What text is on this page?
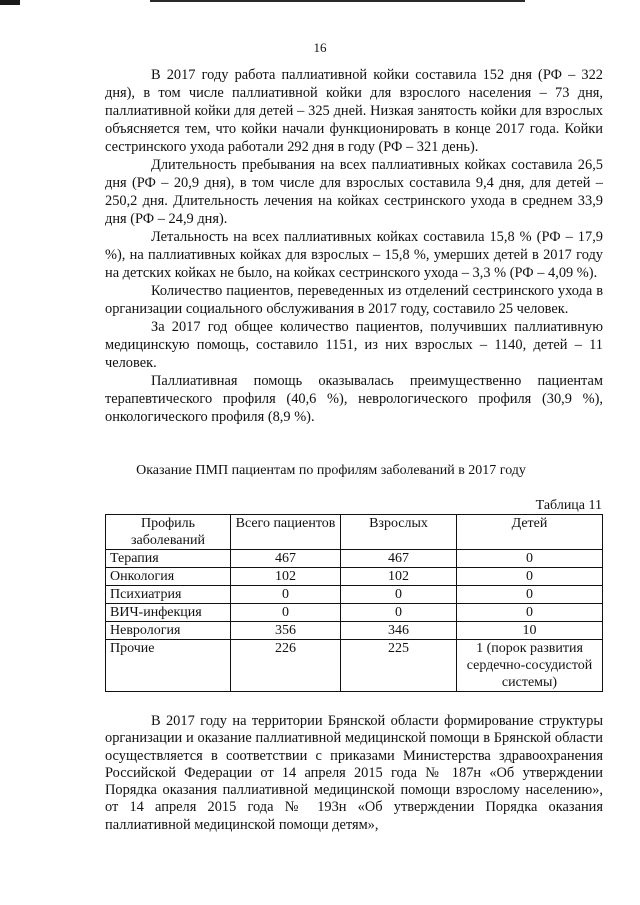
16

В 2017 году работа паллиативной койки составила 152 дня (РФ – 322 дня), в том числе паллиативной койки для взрослого населения – 73 дня, паллиативной койки для детей – 325 дней. Низкая занятость койки для взрослых объясняется тем, что койки начали функционировать в конце 2017 года. Койки сестринского ухода работали 292 дня в году (РФ – 321 день).

Длительность пребывания на всех паллиативных койках составила 26,5 дня (РФ – 20,9 дня), в том числе для взрослых составила 9,4 дня, для детей – 250,2 дня. Длительность лечения на койках сестринского ухода в среднем 33,9 дня (РФ – 24,9 дня).

Летальность на всех паллиативных койках составила 15,8 % (РФ – 17,9 %), на паллиативных койках для взрослых – 15,8 %, умерших детей в 2017 году на детских койках не было, на койках сестринского ухода – 3,3 % (РФ – 4,09 %).

Количество пациентов, переведенных из отделений сестринского ухода в организации социального обслуживания в 2017 году, составило 25 человек.

За 2017 год общее количество пациентов, получивших паллиативную медицинскую помощь, составило 1151, из них взрослых – 1140, детей – 11 человек.

Паллиативная помощь оказывалась преимущественно пациентам терапевтического профиля (40,6 %), неврологического профиля (30,9 %), онкологического профиля (8,9 %).

Оказание ПМП пациентам по профилям заболеваний в 2017 году
Таблица 11
Профиль заболеваний	Всего пациентов	Взрослых	Детей
Терапия	467	467	0
Онкология	102	102	0
Психиатрия	0	0	0
ВИЧ-инфекция	0	0	0
Неврология	356	346	10
Прочие	226	225	1 (порок развития сердечно-сосудистой системы)

В 2017 году на территории Брянской области формирование структуры организации и оказание паллиативной медицинской помощи в Брянской области осуществляется в соответствии с приказами Министерства здравоохранения Российской Федерации от 14 апреля 2015 года № 187н «Об утверждении Порядка оказания паллиативной медицинской помощи взрослому населению», от 14 апреля 2015 года № 193н «Об утверждении Порядка оказания паллиативной медицинской помощи детям»,
